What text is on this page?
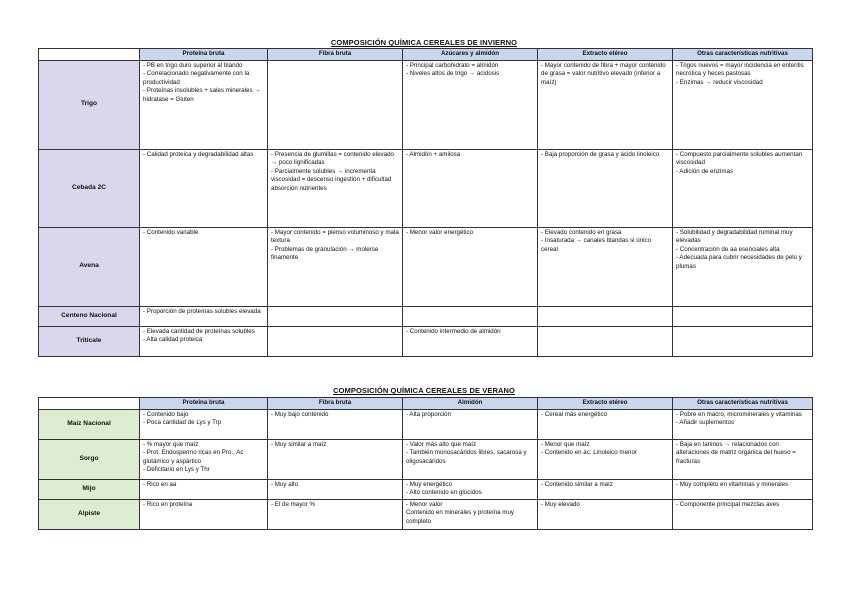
COMPOSICIÓN QUÍMICA CEREALES DE INVIERNO
	Proteína bruta	Fibra bruta	Azúcares y almidón	Extracto etéreo	Otras características nutritivas
Trigo	- PB en trigo duro superior al blando
- Correlacionado negativamente con la productividad
- Proteínas insolubles + sales minerales → hidratase = Gluten		- Principal carbohidrato = almidón
- Niveles altos de trigo → acidosis	- Mayor contenido de fibra + mayor contenido de grasa = valor nutritivo elevado (inferior a maíz)	- Trigos nuevos = mayor incidencia en enteritis necrótica y heces pastosas
- Enzimas → reducir viscosidad

Cebada 2C	- Calidad proteica y degradabilidad altas	- Presencia de glumillas = contenido elevado → poco lignificadas
- Parcialmente solubles → incrementa viscosidad = descenso ingestión + dificultad absorción nutrientes	- Almidón + amilosa	- Baja proporción de grasa y ácido linoleico	- Compuesto parcialmente solubles aumentan viscosidad
- Adición de enzimas

Avena	- Contenido variable	- Mayor contenido = pienso voluminoso y mala textura
- Problemas de granulación → molerse finamente	- Menor valor energético	- Elevado contenido en grasa
- Insaturada → canales blandas si único cereal	- Solubilidad y degradabilidad ruminal muy elevadas
- Concentración de aa esenciales alta
- Adecuada para cubrir necesidades de pelo y plumas

Centeno Nacional	- Proporción de proteínas solubles elevada				

Triticale	- Elevada cantidad de proteínas solubles
- Alta calidad proteica		- Contenido intermedio de almidón		

COMPOSICIÓN QUÍMICA CEREALES DE VERANO
	Proteína bruta	Fibra bruta	Almidón	Extracto etéreo	Otras características nutritivas
Maíz Nacional	- Contenido bajo
- Poca cantidad de Lys y Trp	- Muy bajo contenido	- Alta proporción	- Cereal más energético	- Pobre en macro, microminerales y vitaminas
- Añadir suplementos

Sorgo	- % mayor que maíz
- Prot. Endospermo ricas en Pro., Ac glutámico y aspártico
- Deficitario en Lys y Thr	- Muy similar a maíz	- Valor más alto que maíz
- También monosacáridos libres, sacarosa y oligosacáridos	- Menor que maíz
- Contenido en ác. Linoleico menor	- Baja en taninos → relacionados con alteraciones de matriz orgánica del hueso = fracturas

Mijo	- Rico en aa	- Muy alto	- Muy energético
- Alto contenido en glúcidos	- Contenido similar a maíz	- Muy completo en vitaminas y minerales

Alpiste	- Rico en proteína	- El de mayor %	- Menor valor
Contenido en minerales y proteína muy completo	- Muy elevado	- Componente principal mezclas aves
